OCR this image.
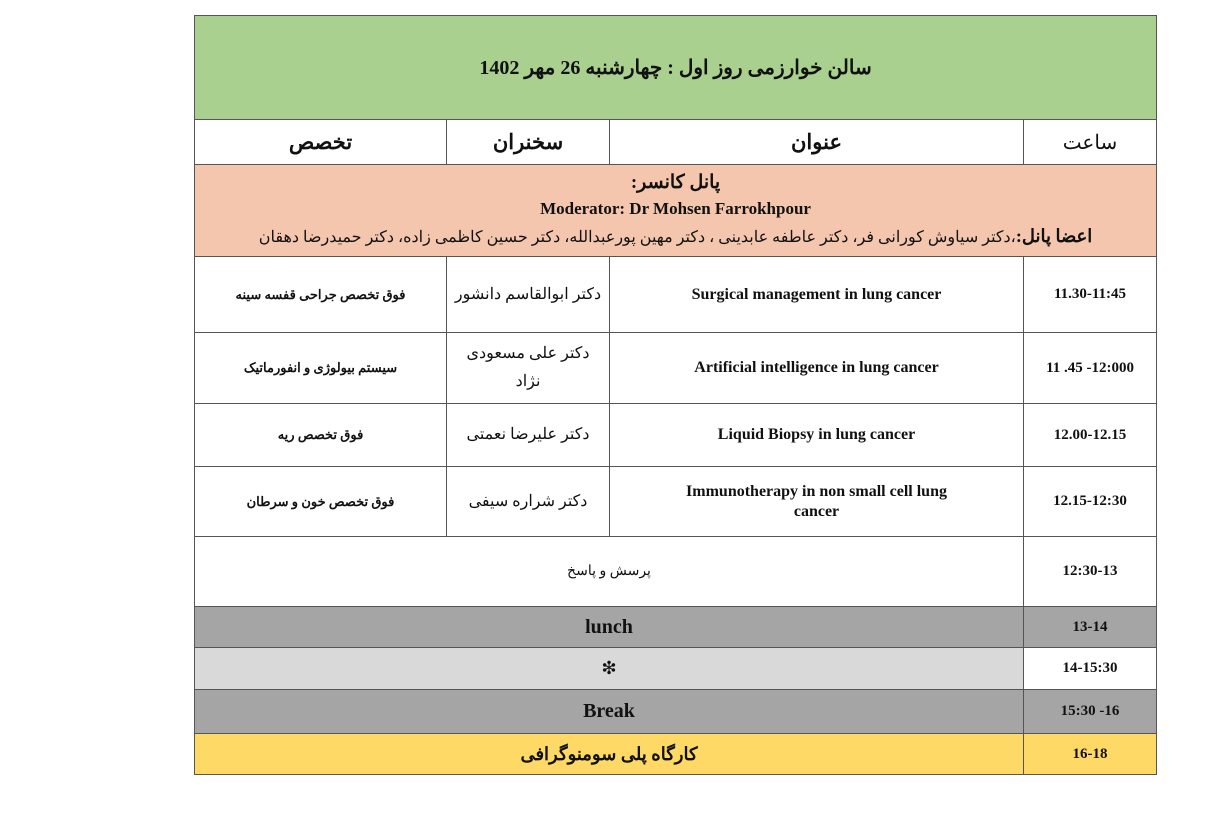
سالن خوارزمی روز اول : چهارشنبه 26 مهر 1402			
تخصص	سخنران	عنوان	ساعت

پانل کانسر:
Moderator: Dr Mohsen Farrokhpour
اعضا پانل:،دکتر سیاوش کورانی فر، دکتر عاطفه عابدینی ، دکتر مهین پورعبدالله، دکتر حسین کاظمی زاده، دکتر حمیدرضا دهقان			

فوق تخصص جراحی قفسه سینه	دکتر ابوالقاسم دانشور	Surgical management in lung cancer	11.30-11:45
سیستم بیولوژی و انفورماتیک	دکتر علی مسعودی نژاد	Artificial intelligence in lung cancer	11 .45 -12:000
فوق تخصص ریه	دکتر علیرضا نعمتی	Liquid Biopsy in lung cancer	12.00-12.15
فوق تخصص خون و سرطان	دکتر شراره سیفی	Immunotherapy in non small cell lung cancer	12.15-12:30
پرسش و پاسخ			12:30-13
lunch			13-14
❇			14-15:30
Break			15:30 -16
کارگاه پلی سومنوگرافی			16-18
